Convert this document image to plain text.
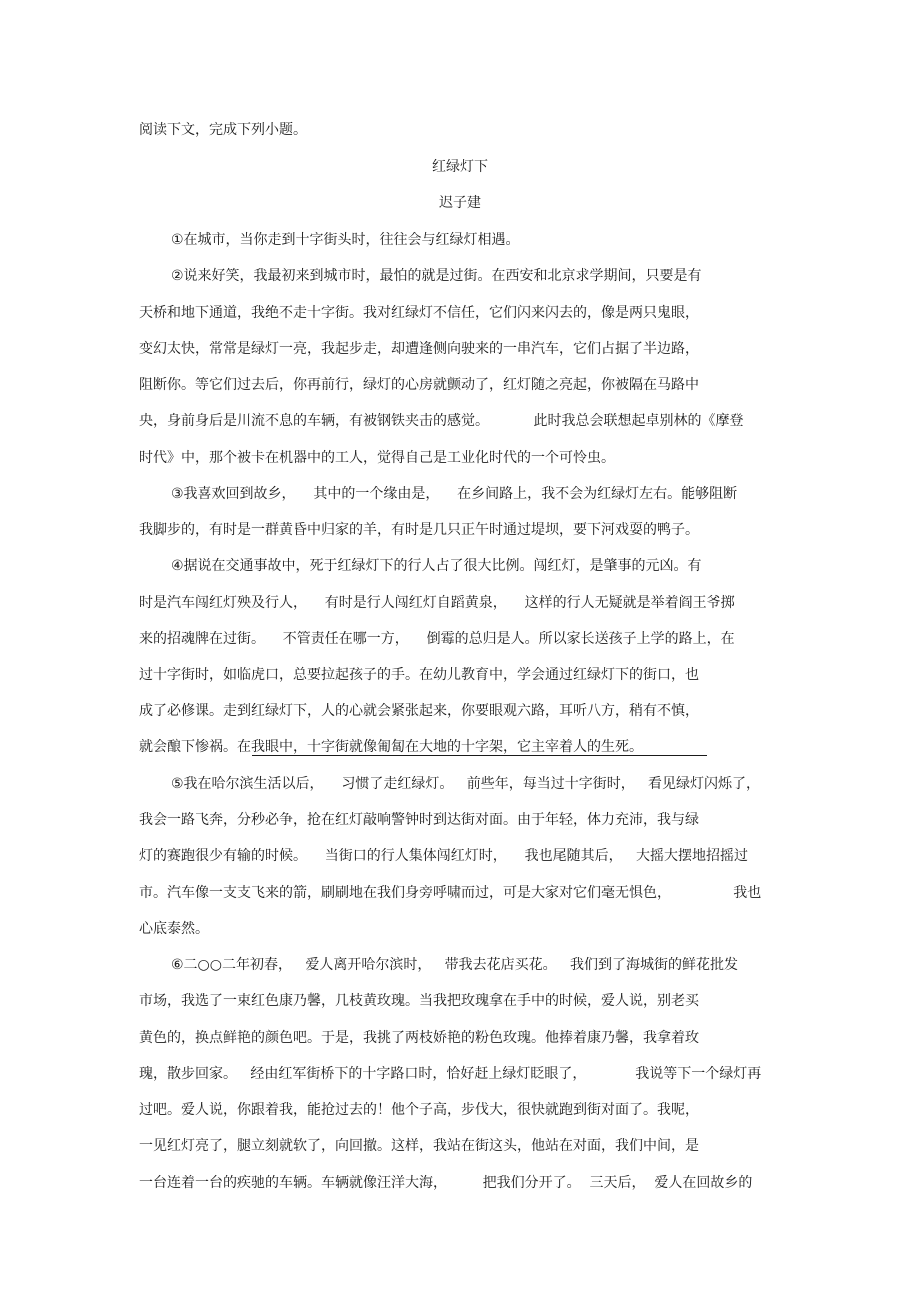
阅读下文，完成下列小题。

红绿灯下

迟子建

①在城市，当你走到十字街头时，往往会与红绿灯相遇。

②说来好笑，我最初来到城市时，最怕的就是过街。在西安和北京求学期间，只要是有

天桥和地下通道，我绝不走十字街。我对红绿灯不信任，它们闪来闪去的，像是两只鬼眼，

变幻太快，常常是绿灯一亮，我起步走，却遭逢侧向驶来的一串汽车，它们占据了半边路，

阻断你。等它们过去后，你再前行，绿灯的心房就颤动了，红灯随之亮起，你被隔在马路中

央，身前身后是川流不息的车辆，有被钢铁夹击的感觉。          此时我总会联想起卓别林的《摩登

时代》中，那个被卡在机器中的工人，觉得自己是工业化时代的一个可怜虫。

③我喜欢回到故乡，    其中的一个缘由是，    在乡间路上，我不会为红绿灯左右。能够阻断

我脚步的，有时是一群黄昏中归家的羊，有时是几只正午时通过堤坝，要下河戏耍的鸭子。

④据说在交通事故中，死于红绿灯下的行人占了很大比例。闯红灯，是肇事的元凶。有

时是汽车闯红灯殃及行人，    有时是行人闯红灯自蹈黄泉，    这样的行人无疑就是举着阎王爷掷

来的招魂牌在过街。    不管责任在哪一方，    倒霉的总归是人。所以家长送孩子上学的路上，在

过十字街时，如临虎口，总要拉起孩子的手。在幼儿教育中，学会通过红绿灯下的街口，也

成了必修课。走到红绿灯下，人的心就会紧张起来，你要眼观六路，耳听八方，稍有不慎，

就会酿下惨祸。在我眼中，十字街就像匍匐在大地的十字架，它主宰着人的生死。

⑤我在哈尔滨生活以后，    习惯了走红绿灯。   前些年，每当过十字街时，   看见绿灯闪烁了，

我会一路飞奔，分秒必争，抢在红灯敲响警钟时到达街对面。由于年轻，体力充沛，我与绿

灯的赛跑很少有输的时候。    当街口的行人集体闯红灯时，    我也尾随其后，   大摇大摆地招摇过

市。汽车像一支支飞来的箭，刷刷地在我们身旁呼啸而过，可是大家对它们毫无惧色，              我也

心底泰然。

⑥二○○二年初春，   爱人离开哈尔滨时，   带我去花店买花。   我们到了海城街的鲜花批发

市场，我选了一束红色康乃馨，几枝黄玫瑰。当我把玫瑰拿在手中的时候，爱人说，别老买

黄色的，换点鲜艳的颜色吧。于是，我挑了两枝娇艳的粉色玫瑰。他捧着康乃馨，我拿着玫

瑰，散步回家。   经由红军街桥下的十字路口时，恰好赶上绿灯眨眼了，           我说等下一个绿灯再

过吧。爱人说，你跟着我，能抢过去的！他个子高，步伐大，很快就跑到街对面了。我呢，

一见红灯亮了，腿立刻就软了，向回撤。这样，我站在街这头，他站在对面，我们中间，是

一台连着一台的疾驰的车辆。车辆就像汪洋大海，        把我们分开了。  三天后，  爱人在回故乡的
